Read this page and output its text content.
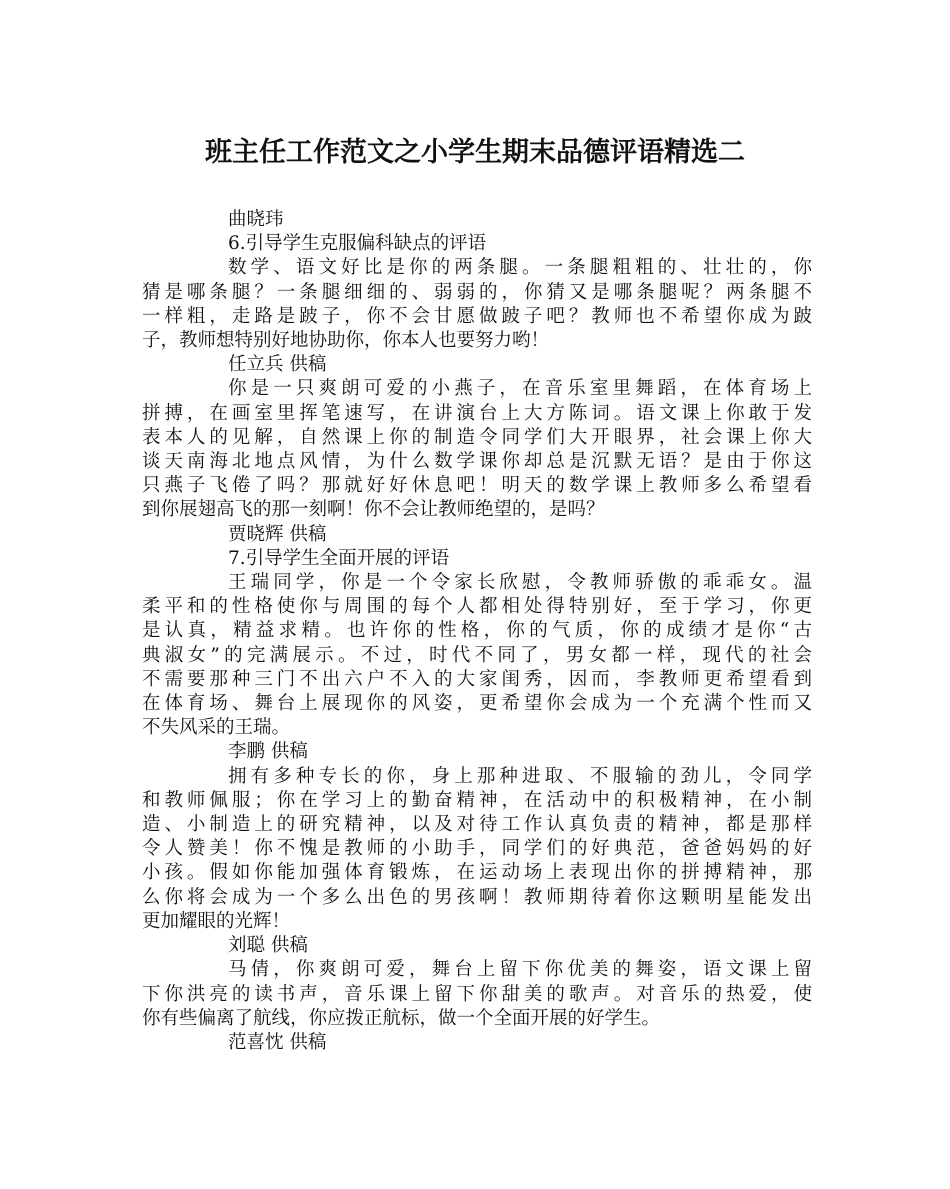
班主任工作范文之小学生期末品德评语精选二
曲晓玮
6.引导学生克服偏科缺点的评语
数学、语文好比是你的两条腿。一条腿粗粗的、壮壮的，你
猜是哪条腿？一条腿细细的、弱弱的，你猜又是哪条腿呢？两条腿不
一样粗，走路是跛子，你不会甘愿做跛子吧？教师也不希望你成为跛
子，教师想特别好地协助你，你本人也要努力哟！
任立兵 供稿
你是一只爽朗可爱的小燕子，在音乐室里舞蹈，在体育场上
拼搏，在画室里挥笔速写，在讲演台上大方陈词。语文课上你敢于发
表本人的见解，自然课上你的制造令同学们大开眼界，社会课上你大
谈天南海北地点风情，为什么数学课你却总是沉默无语？是由于你这
只燕子飞倦了吗？那就好好休息吧！明天的数学课上教师多么希望看
到你展翅高飞的那一刻啊！你不会让教师绝望的，是吗？
贾晓辉 供稿
7.引导学生全面开展的评语
王瑞同学，你是一个令家长欣慰，令教师骄傲的乖乖女。温
柔平和的性格使你与周围的每个人都相处得特别好，至于学习，你更
是认真，精益求精。也许你的性格，你的气质，你的成绩才是你“古
典淑女”的完满展示。不过，时代不同了，男女都一样，现代的社会
不需要那种三门不出六户不入的大家闺秀，因而，李教师更希望看到
在体育场、舞台上展现你的风姿，更希望你会成为一个充满个性而又
不失风采的王瑞。
李鹏 供稿
拥有多种专长的你，身上那种进取、不服输的劲儿，令同学
和教师佩服；你在学习上的勤奋精神，在活动中的积极精神，在小制
造、小制造上的研究精神，以及对待工作认真负责的精神，都是那样
令人赞美！你不愧是教师的小助手，同学们的好典范，爸爸妈妈的好
小孩。假如你能加强体育锻炼，在运动场上表现出你的拼搏精神，那
么你将会成为一个多么出色的男孩啊！教师期待着你这颗明星能发出
更加耀眼的光辉！
刘聪 供稿
马倩，你爽朗可爱，舞台上留下你优美的舞姿，语文课上留
下你洪亮的读书声，音乐课上留下你甜美的歌声。对音乐的热爱，使
你有些偏离了航线，你应拨正航标，做一个全面开展的好学生。
范喜忱 供稿
